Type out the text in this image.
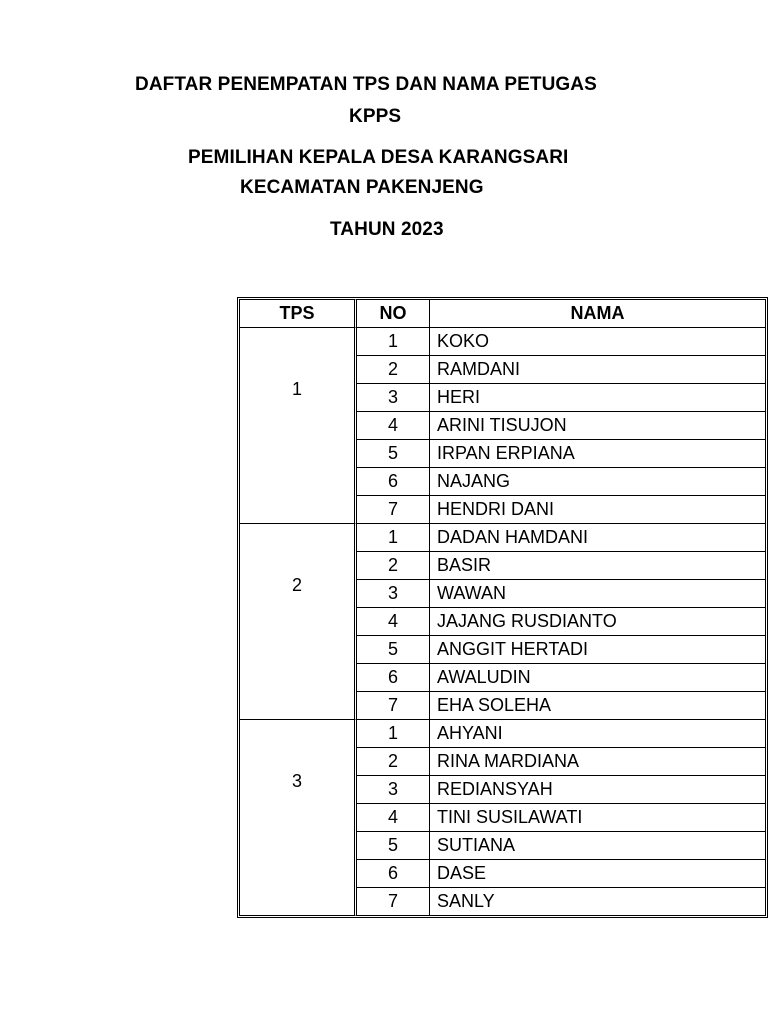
DAFTAR PENEMPATAN TPS DAN NAMA PETUGAS
KPPS
PEMILIHAN KEPALA DESA KARANGSARI
KECAMATAN PAKENJENG
TAHUN 2023
TPS	NO	NAMA
1	1	KOKO
	2	RAMDANI
	3	HERI
	4	ARINI TISUJON
	5	IRPAN ERPIANA
	6	NAJANG
	7	HENDRI DANI
2	1	DADAN HAMDANI
	2	BASIR
	3	WAWAN
	4	JAJANG RUSDIANTO
	5	ANGGIT HERTADI
	6	AWALUDIN
	7	EHA SOLEHA
3	1	AHYANI
	2	RINA MARDIANA
	3	REDIANSYAH
	4	TINI SUSILAWATI
	5	SUTIANA
	6	DASE
	7	SANLY
